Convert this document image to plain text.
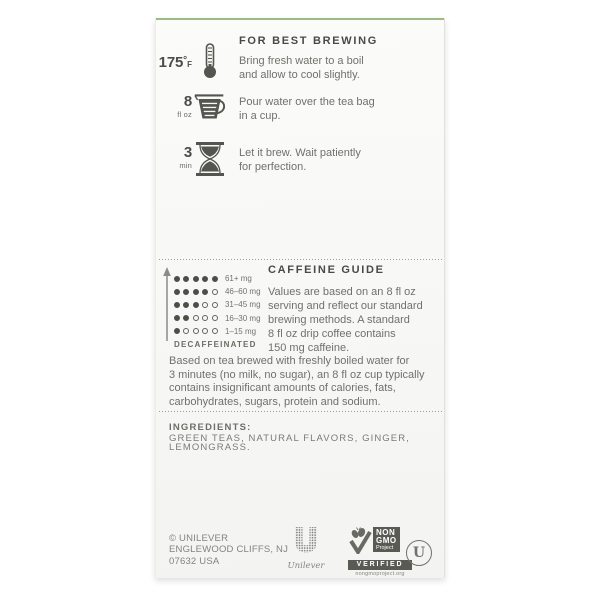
FOR BEST BREWING
175°F	Bring fresh water to a boil
and allow to cool slightly.
8
fl oz
Pour water over the tea bag
in a cup.
3
min
Let it brew. Wait patiently
for perfection.
61+ mg
46–60 mg
31–45 mg
16–30 mg
1–15 mg
DECAFFEINATED
CAFFEINE GUIDE
Values are based on an 8 fl oz
serving and reflect our standard
brewing methods. A standard
8 fl oz drip coffee contains
150 mg caffeine.
Based on tea brewed with freshly boiled water for
3 minutes (no milk, no sugar), an 8 fl oz cup typically
contains insignificant amounts of calories, fats,
carbohydrates, sugars, protein and sodium.
INGREDIENTS:
GREEN TEAS, NATURAL FLAVORS, GINGER,
LEMONGRASS.
© UNILEVER
ENGLEWOOD CLIFFS, NJ
07632 USA	Unilever
NON
GMO
Project
VERIFIED
nongmoproject.org
U
